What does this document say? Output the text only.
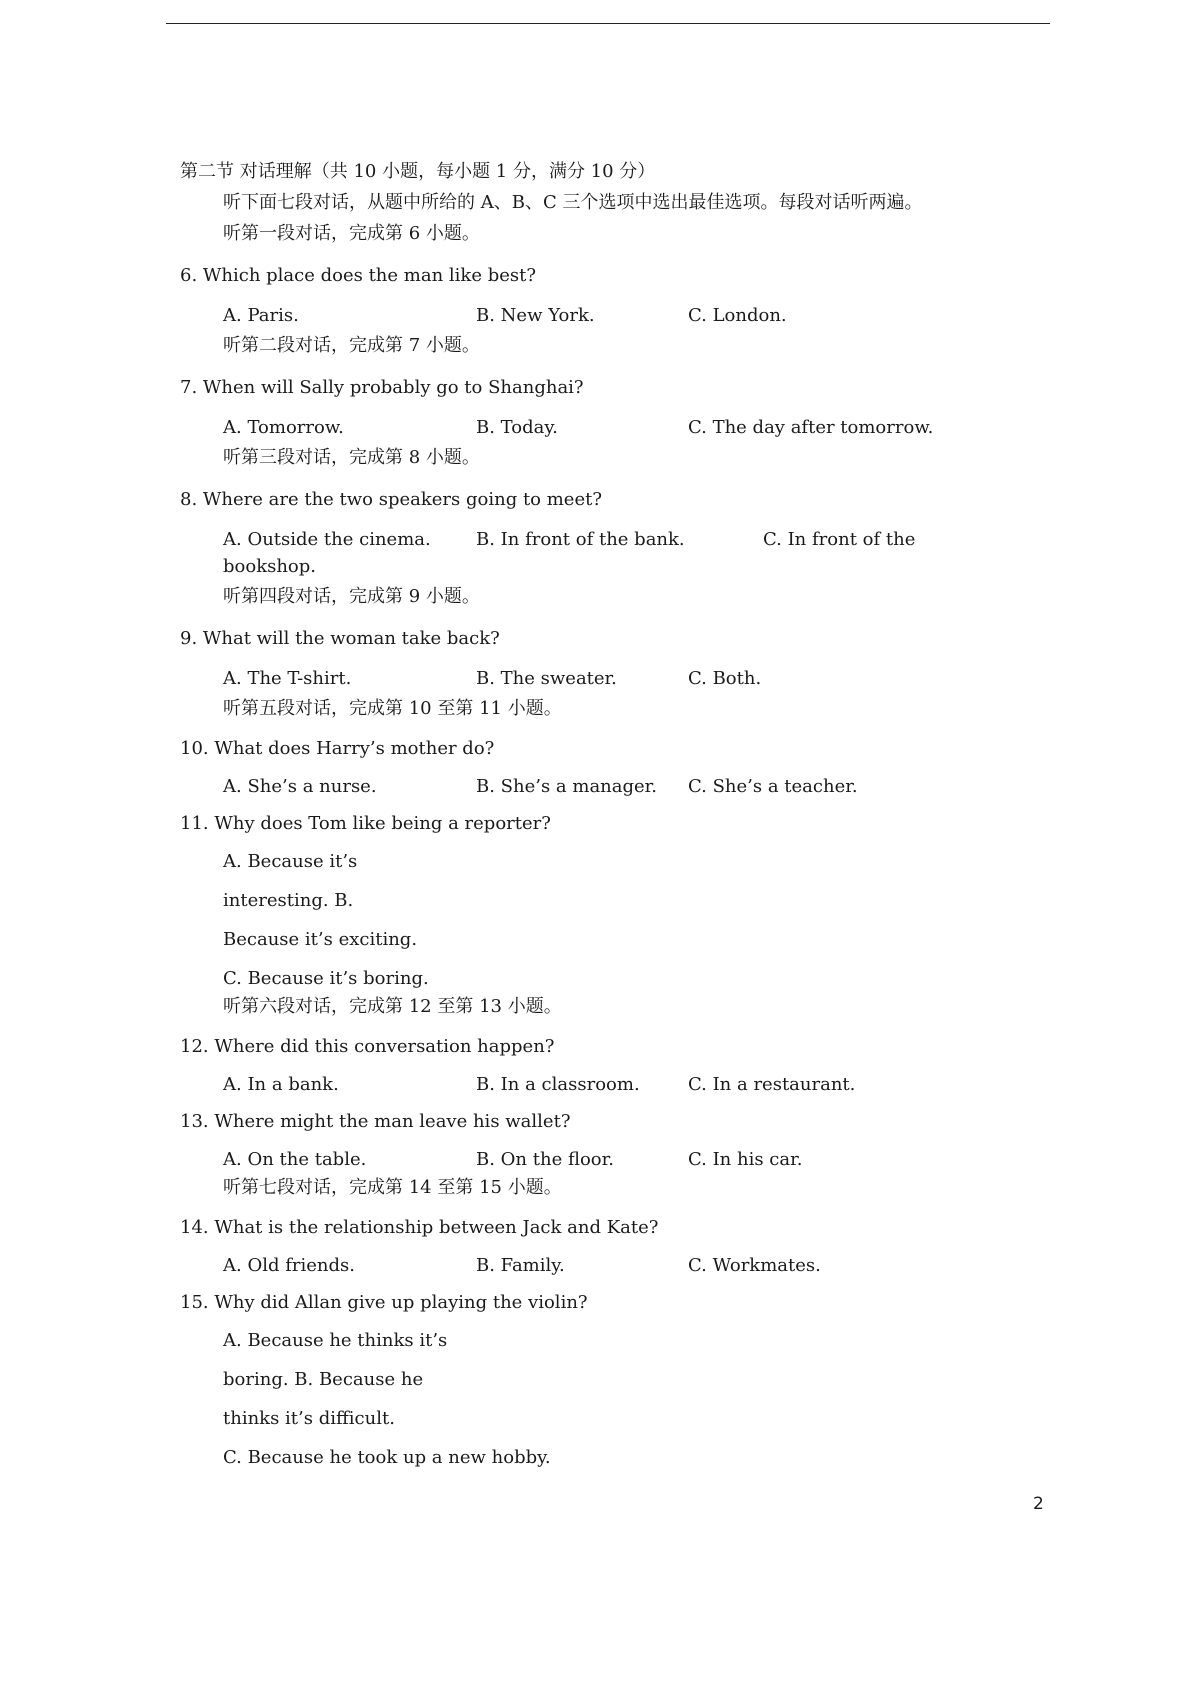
第二节 对话理解（共 10 小题，每小题 1 分，满分 10 分）
听下面七段对话，从题中所给的 A、B、C 三个选项中选出最佳选项。每段对话听两遍。
听第一段对话，完成第 6 小题。
6. Which place does the man like best?
A. Paris.	B. New York.	C. London.
听第二段对话，完成第 7 小题。
7. When will Sally probably go to Shanghai?
A. Tomorrow.	B. Today.	C. The day after tomorrow.
听第三段对话，完成第 8 小题。
8. Where are the two speakers going to meet?
A. Outside the cinema.	B. In front of the bank.	C. In front of the
bookshop.
听第四段对话，完成第 9 小题。
9. What will the woman take back?
A. The T-shirt.	B. The sweater.	C. Both.
听第五段对话，完成第 10 至第 11 小题。
10. What does Harry’s mother do?
A. She’s a nurse.	B. She’s a manager. C. She’s a teacher.
11. Why does Tom like being a reporter?
A. Because it’s
interesting. B.
Because it’s exciting.
C. Because it’s boring.
听第六段对话，完成第 12 至第 13 小题。
12. Where did this conversation happen?
A. In a bank.	B. In a classroom.	C. In a restaurant.
13. Where might the man leave his wallet?
A. On the table.	B. On the floor.	C. In his car.
听第七段对话，完成第 14 至第 15 小题。
14. What is the relationship between Jack and Kate?
A. Old friends.	B. Family.	C. Workmates.
15. Why did Allan give up playing the violin?
A. Because he thinks it’s
boring. B. Because he
thinks it’s difficult.
C. Because he took up a new hobby.
2
